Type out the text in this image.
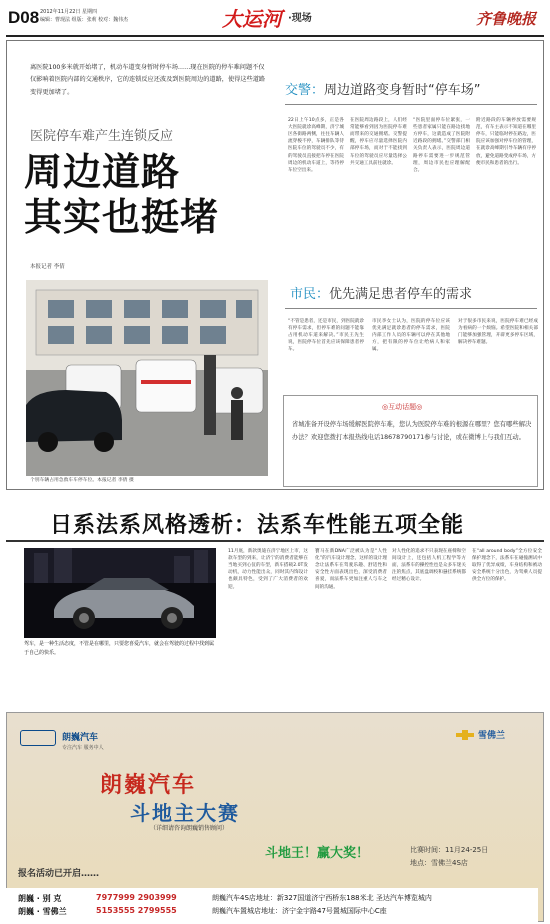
D08 2012年11月22日 星期四
编辑：曹现法 组版：张莉 校对：魏伟杰	大运河 ·现场	齐鲁晚报
离医院100多米就开始堵了，机动车道变身暂时停车场……现在医院的停车难问题不仅仅影响着医院内部的交通秩序，它的连锁反应还波及到医院周边的道路，使得这些道路变得更加堵了。	交警：周边道路变身暂时“停车场”
医院停车难产生连锁反应
周边道路
其实也挺堵
本报记者 李倩
个别车辆占用急救车车停车位。本报记者 李倩 摄
22日上午10点多，正是各大医院就诊高峰期，济宁城区各街路两侧，往往车辆人流穿梭不停，车辆排队等待医院车位的驾驶员不少，有的驾驶员直接把车停在医院周边的机动车道上，等待停车位空出来。
在医院周边路段上，人们经常能够看到因为医院停车难而带来的交通拥堵。交警提醒，停车应尽量选择医院内部停车场，而对于不能找到车位的驾驶员应尽量选择公共交通工具前往就诊。
“医院里面停车位紧张，一些患者家属只能在路边找地方停车，这就造成了医院附近路段的拥堵。”交警部门相关负责人表示，医院周边道路停车需要进一步规范管理，周边市民也应理解配合。
附近路段的车辆停放需要规范，有车主表示不知道在哪里停车，只能临时停在路边，医院应该加强对停车位的管理，在就诊高峰期引导车辆有序停放，避免道路变成停车场，方便市民和患者的出行。
市民：优先满足患者停车的需求
“不管是患者，还是市民，到医院就诊有停车需求，但停车难的问题不能靠占用机动车道来解决。”市民王先生说，医院停车位首先应该保障患者停车。
市民李女士认为，医院的停车位应该优先满足就诊患者的停车需求，医院内部工作人员的车辆可以停在其他地方，把有限的停车位让给病人和家属。
对于很多市民来说，医院停车难已经成为看病的一个烦恼。希望医院和相关部门能够加强管理，开辟更多停车区域，解决停车难题。
◎互动话题◎
省城准备开设停车场缓解医院停车难，您认为医院停车难的根源在哪里？您有哪些解决办法？欢迎您拨打本报热线电话18678790171参与讨论，或在微博上与我们互动。
日系法系风格透析：法系车性能五项全能
驾车，是一种生活态度，不管是在哪里，只要您喜爱汽车，就会在驾驶的过程中找到属于自己的快乐。
11月底，新款奥迪在济宁地区上市，这款车型的到来，让济宁的消费者能够在当地买到心仪的车型，新车搭载2.0T发动机，动力性能出众，同时其内饰设计也颇具特色，受到了广大消费者的欢迎。
寶马在新DNA广泛被认为是“人性化”的汽车设计理念，这样的设计理念让法系车在驾驶乐趣、舒适性和安全性方面表现出色，深受消费者喜爱，而法系车更加注重人与车之间的沟通。
对人性化的追求不只表现在座椅和空间设计上，还包括人机工程学等方面，法系车的操控性也是众多车迷关注的焦点，其底盘调校和悬挂系统都经过精心设计。
在“all around body”全方位安全保护理念下，法系车在碰撞测试中取得了优异成绩，车身结构和被动安全系统十分出色，为驾乘人员提供全方位的保护。
朗巍汽车
专注汽车 服务中人
雪佛兰
朗巍汽车
斗地主大赛
（详细请咨询朗巍销售顾问）
斗地王！赢大奖！	比赛时间：11月24-25日
地点：雪佛兰4S店
报名活动已开启……
朗巍 · 别 克	7977999 2903999
朗巍 · 雪佛兰	5153555 2799555
朗巍汽车4S店地址：新327国道济宁西桥东188米北 圣达汽车博览城内
朗巍汽车置城店地址：济宁金宇路47号置城国际中心C座
